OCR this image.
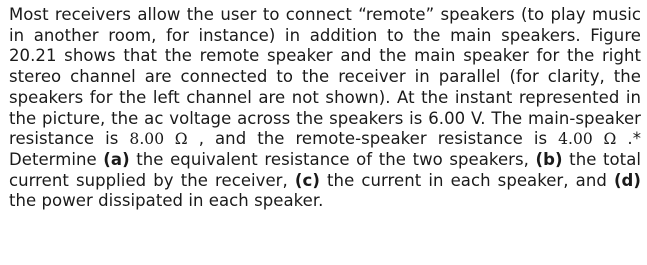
Most receivers allow the user to connect “remote” speakers (to play music in another room, for instance) in addition to the main speakers. Figure 20.21 shows that the remote speaker and the main speaker for the right stereo channel are connected to the receiver in parallel (for clarity, the speakers for the left channel are not shown). At the instant represented in the picture, the ac voltage across the speakers is 6.00 V. The main-speaker resistance is 8.00 Ω , and the remote-speaker resistance is 4.00 Ω .* Determine (a) the equivalent resistance of the two speakers, (b) the total current supplied by the receiver, (c) the current in each speaker, and (d) the power dissipated in each speaker.
